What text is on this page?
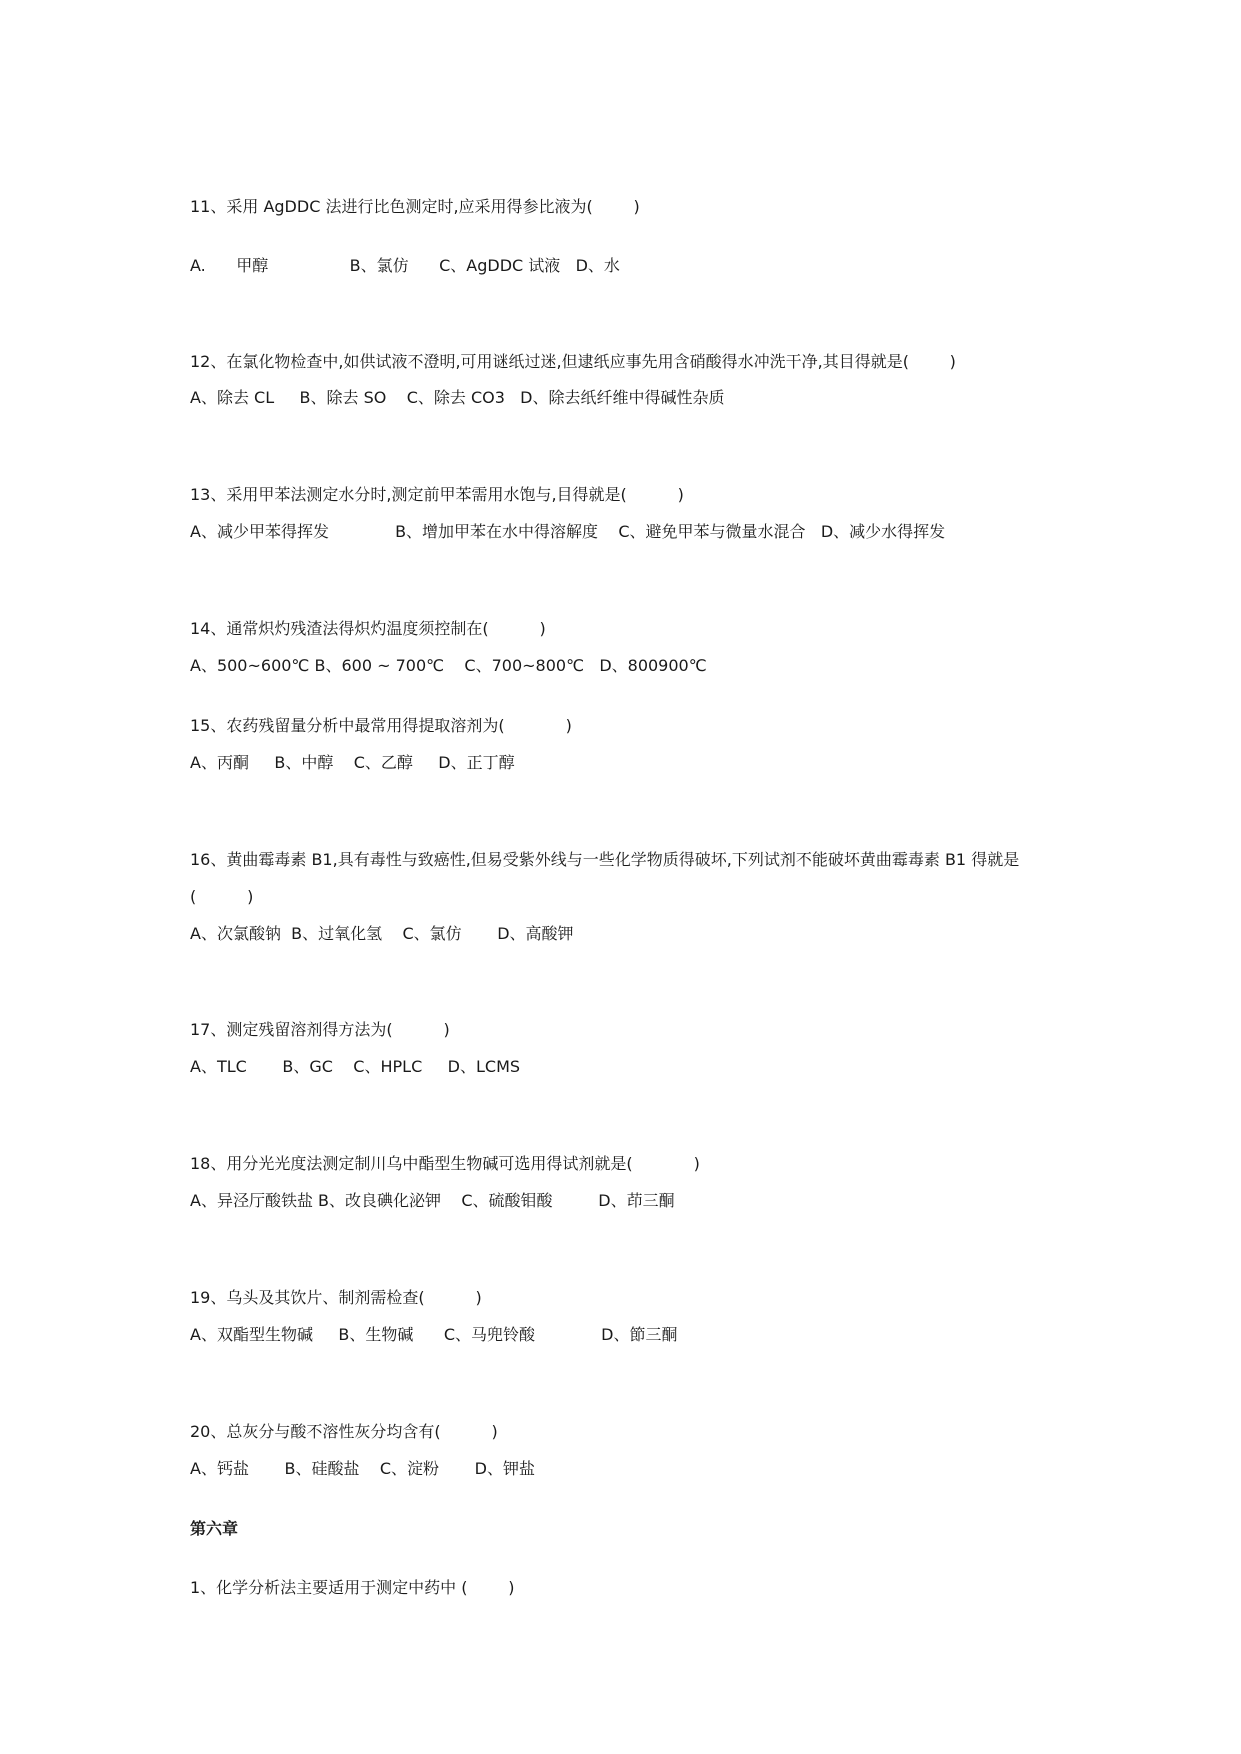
11、采用 AgDDC 法进行比色测定时,应采用得参比液为(        )
A.      甲醇                B、氯仿      C、AgDDC 试液   D、水
12、在氯化物检查中,如供试液不澄明,可用谜纸过迷,但逮纸应事先用含硝酸得水冲洗干净,其目得就是(        )
A、除去 CL     B、除去 SO    C、除去 CO3   D、除去纸纤维中得碱性杂质
13、采用甲苯法测定水分时,测定前甲苯需用水饱与,目得就是(          )
A、减少甲苯得挥发             B、增加甲苯在水中得溶解度    C、避免甲苯与微量水混合   D、减少水得挥发
14、通常炽灼残渣法得炽灼温度须控制在(          )
A、500~600℃ B、600 ~ 700℃    C、700~800℃   D、800900℃
15、农药残留量分析中最常用得提取溶剂为(            )
A、丙酮     B、中醇    C、乙醇     D、正丁醇
16、黄曲霉毒素 B1,具有毒性与致癌性,但易受紫外线与一些化学物质得破坏,下列试剂不能破坏黄曲霉毒素 B1 得就是
(          )
A、次氯酸钠  B、过氧化氢    C、氯仿       D、高酸钾
17、测定残留溶剂得方法为(          )
A、TLC       B、GC    C、HPLC     D、LCMS
18、用分光光度法测定制川乌中酯型生物碱可选用得试剂就是(            )
A、异泾厅酸铁盐 B、改良碘化泌钾    C、硫酸钼酸         D、茚三酮
19、乌头及其饮片、制剂需检查(          )
A、双酯型生物碱     B、生物碱      C、马兜铃酸             D、節三酮
20、总灰分与酸不溶性灰分均含有(          )
A、钙盐       B、硅酸盐    C、淀粉       D、钾盐
第六章
1、化学分析法主要适用于测定中药中 (        )
